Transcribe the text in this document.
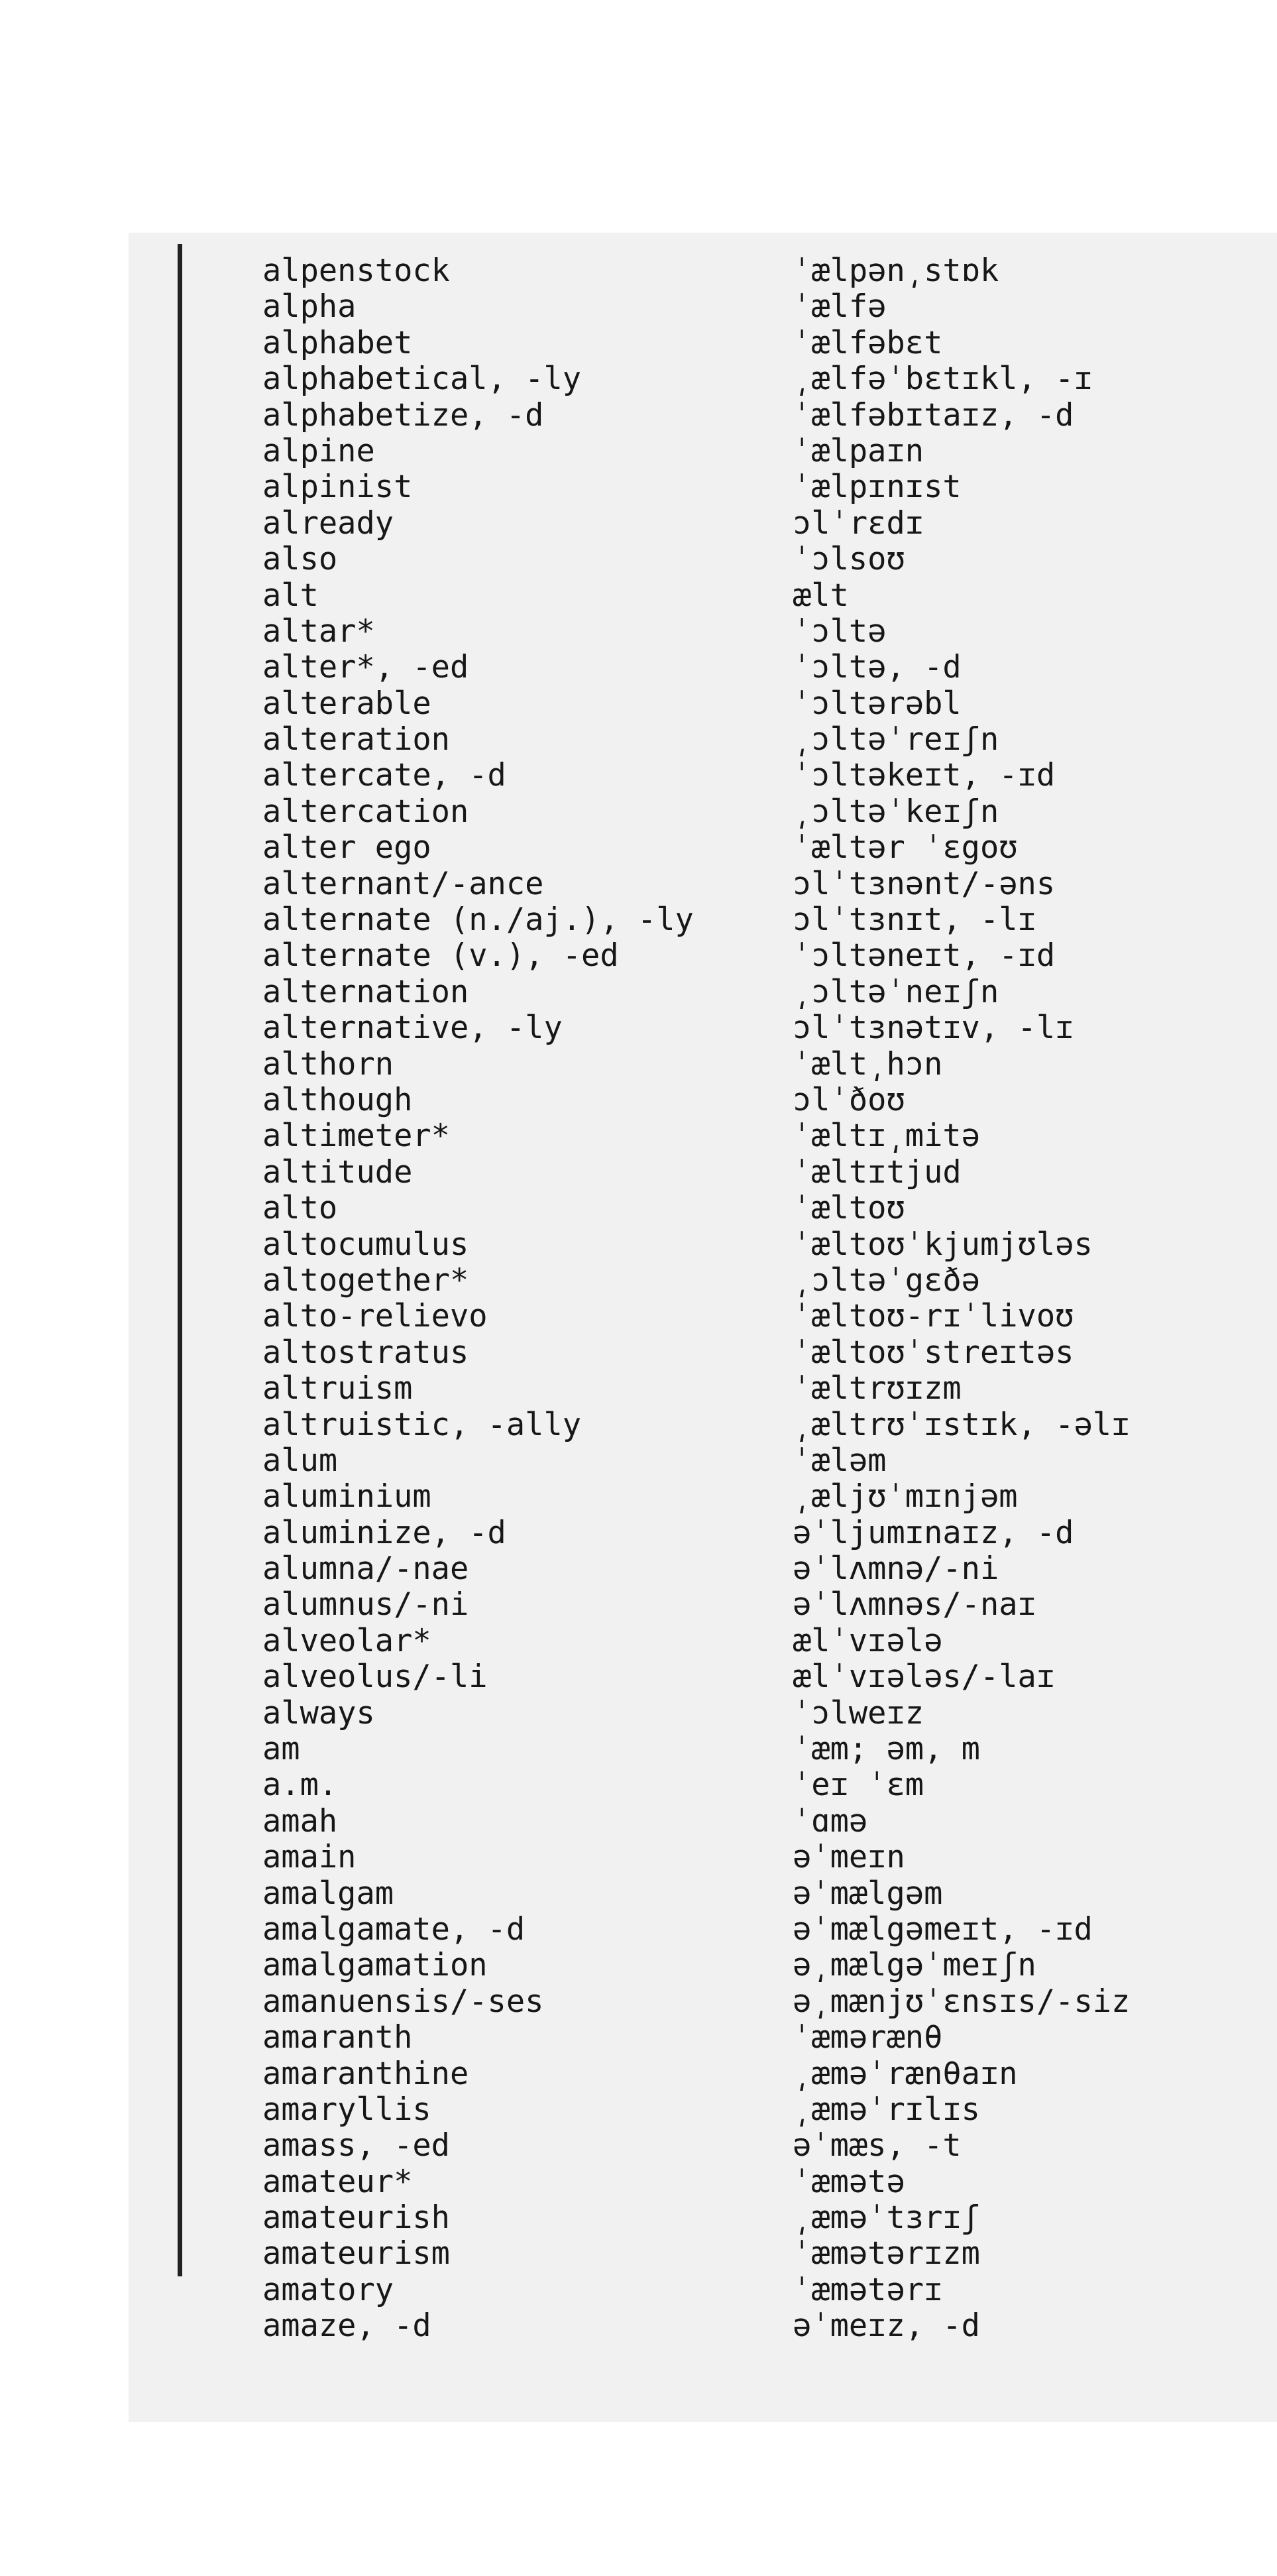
alpenstock	ˈælpən͵stɒk
alpha	ˈælfə
alphabet	ˈælfəbɛt
alphabetical, -ly	͵ælfəˈbɛtɪkl, -ɪ
alphabetize, -d	ˈælfəbɪtaɪz, -d
alpine	ˈælpaɪn
alpinist	ˈælpɪnɪst
already	ɔlˈrɛdɪ
also	ˈɔlsoʊ
alt	ælt
altar*	ˈɔltə
alter*, -ed	ˈɔltə, -d
alterable	ˈɔltərəbl
alteration	͵ɔltəˈreɪʃn
altercate, -d	ˈɔltəkeɪt, -ɪd
altercation	͵ɔltəˈkeɪʃn
alter ego	ˈæltər ˈɛgoʊ
alternant/-ance	ɔlˈtɜnənt/-əns
alternate (n./aj.), -ly	ɔlˈtɜnɪt, -lɪ
alternate (v.), -ed	ˈɔltəneɪt, -ɪd
alternation	͵ɔltəˈneɪʃn
alternative, -ly	ɔlˈtɜnətɪv, -lɪ
althorn	ˈælt͵hɔn
although	ɔlˈðoʊ
altimeter*	ˈæltɪ͵mitə
altitude	ˈæltɪtjud
alto	ˈæltoʊ
altocumulus	ˈæltoʊˈkjumjʊləs
altogether*	͵ɔltəˈgɛðə
alto-relievo	ˈæltoʊ-rɪˈlivoʊ
altostratus	ˈæltoʊˈstreɪtəs
altruism	ˈæltrʊɪzm
altruistic, -ally	͵æltrʊˈɪstɪk, -əlɪ
alum	ˈæləm
aluminium	͵æljʊˈmɪnjəm
aluminize, -d	əˈljumɪnaɪz, -d
alumna/-nae	əˈlʌmnə/-ni
alumnus/-ni	əˈlʌmnəs/-naɪ
alveolar*	ælˈvɪələ
alveolus/-li	ælˈvɪələs/-laɪ
always	ˈɔlweɪz
am	ˈæm; əm, m
a.m.	ˈeɪ ˈɛm
amah	ˈɑmə
amain	əˈmeɪn
amalgam	əˈmælgəm
amalgamate, -d	əˈmælgəmeɪt, -ɪd
amalgamation	ə͵mælgəˈmeɪʃn
amanuensis/-ses	ə͵mænjʊˈɛnsɪs/-siz
amaranth	ˈæmərænθ
amaranthine	͵æməˈrænθaɪn
amaryllis	͵æməˈrɪlɪs
amass, -ed	əˈmæs, -t
amateur*	ˈæmətə
amateurish	͵æməˈtɜrɪʃ
amateurism	ˈæmətərɪzm
amatory	ˈæmətərɪ
amaze, -d	əˈmeɪz, -d
